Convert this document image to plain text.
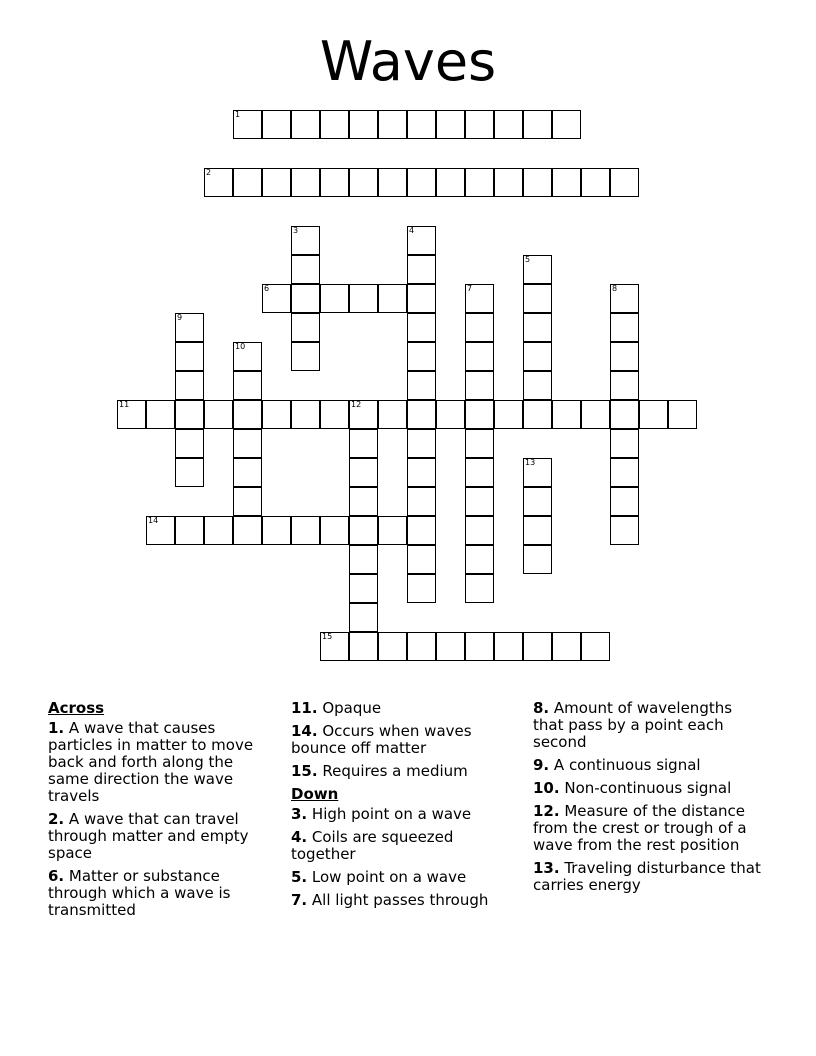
Waves
1
2
3	4
5
6	7	8
9
10
11	12
13
14
15
Across
1. A wave that causes particles in matter to move back and forth along the same direction the wave travels
2. A wave that can travel through matter and empty space
6. Matter or substance through which a wave is transmitted
11. Opaque
14. Occurs when waves bounce off matter
15. Requires a medium
Down
3. High point on a wave
4. Coils are squeezed together
5. Low point on a wave
7. All light passes through
8. Amount of wavelengths that pass by a point each second
9. A continuous signal
10. Non-continuous signal
12. Measure of the distance from the crest or trough of a wave from the rest position
13. Traveling disturbance that carries energy
